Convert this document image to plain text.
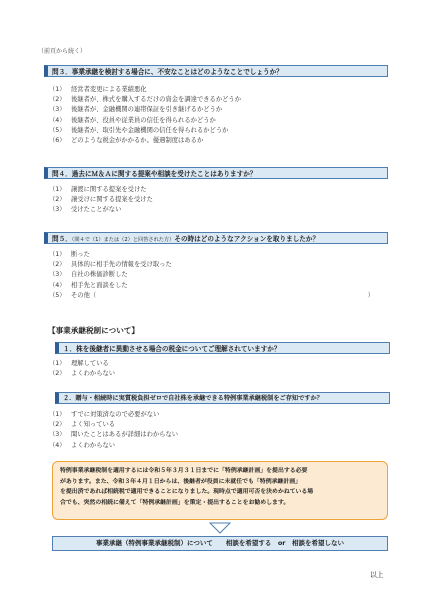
（前頁から続く）
問３．事業承継を検討する場合に、不安なことはどのようなことでしょうか？
（1） 経営者変更による業績悪化
（2） 後継者が、株式を購入するだけの資金を調達できるかどうか
（3） 後継者が、金融機関の連帯保証を引き継げるかどうか
（4） 後継者が、役員や従業員の信任を得られるかどうか
（5） 後継者が、取引先や金融機関の信任を得られるかどうか
（6） どのような税金がかかるか。優遇制度はあるか
問４．過去にＭ＆Ａに関する提案や相談を受けたことはありますか？
（1） 譲渡に関する提案を受けた
（2） 譲受けに関する提案を受けた
（3） 受けたことがない
問５．（問４で（1）または（2）と回答された方）その時はどのようなアクションを取りましたか？
（1） 断った
（2） 具体的に相手先の情報を受け取った
（3） 自社の株価診断した
（4） 相手先と面談をした
（5） その他（	）
【事業承継税制について】
１．株を後継者に異動させる場合の税金についてご理解されていますか？
（1） 理解している
（2） よくわからない
２．贈与・相続時に実質税負担ゼロで自社株を承継できる特例事業承継税制をご存知ですか？
（1） すでに対策済なので必要がない
（2） よく知っている
（3） 聞いたことはあるが詳細はわからない
（4） よくわからない
特例事業承継税制を適用するには令和５年３月３１日までに「特例承継計画」を提出する必要
があります。また、令和３年４月１日からは、後継者が役員に未就任でも「特例承継計画」
を提出済であれば相続税で適用できることになりました。現時点で適用可否を決めかねている場
合でも、突然の相続に備えて「特例承継計画」を策定・提出することをお勧めします。
事業承継（特例事業承継税制）について　　相談を希望する　or　相談を希望しない
以上
